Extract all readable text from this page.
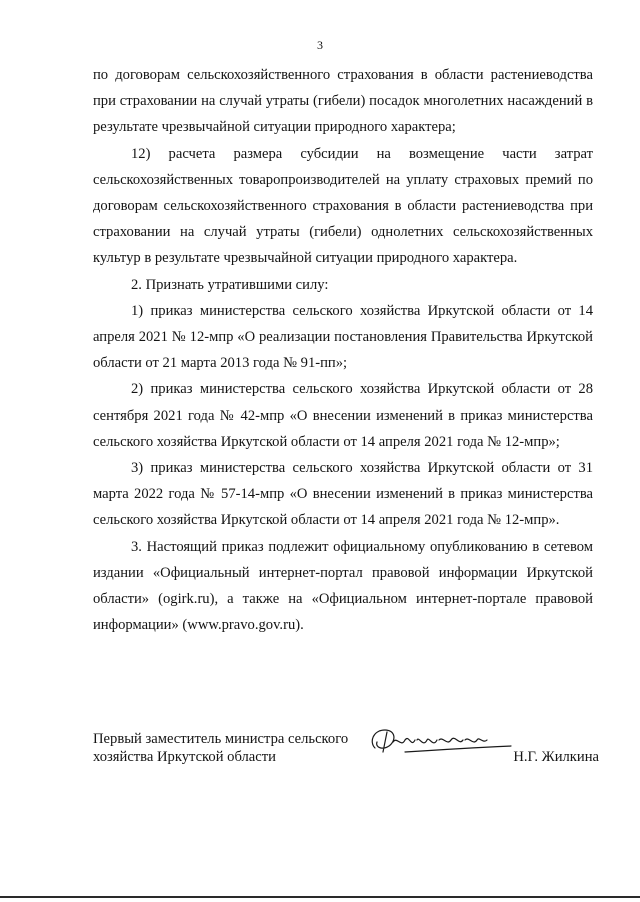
3

по договорам сельскохозяйственного страхования в области растениеводства при страховании на случай утраты (гибели) посадок многолетних насаждений в результате чрезвычайной ситуации природного характера;

12) расчета размера субсидии на возмещение части затрат сельскохозяйственных товаропроизводителей на уплату страховых премий по договорам сельскохозяйственного страхования в области растениеводства при страховании на случай утраты (гибели) однолетних сельскохозяйственных культур в результате чрезвычайной ситуации природного характера.

2. Признать утратившими силу:

1) приказ министерства сельского хозяйства Иркутской области от 14 апреля 2021 № 12-мпр «О реализации постановления Правительства Иркутской области от 21 марта 2013 года № 91-пп»;

2) приказ министерства сельского хозяйства Иркутской области от 28 сентября 2021 года № 42-мпр «О внесении изменений в приказ министерства сельского хозяйства Иркутской области от 14 апреля 2021 года № 12-мпр»;

3) приказ министерства сельского хозяйства Иркутской области от 31 марта 2022 года № 57-14-мпр «О внесении изменений в приказ министерства сельского хозяйства Иркутской области от 14 апреля 2021 года № 12-мпр».

3. Настоящий приказ подлежит официальному опубликованию в сетевом издании «Официальный интернет-портал правовой информации Иркутской области» (ogirk.ru), а также на «Официальном интернет-портале правовой информации» (www.pravo.gov.ru).

Первый заместитель министра сельского
хозяйства Иркутской области	Н.Г. Жилкина
